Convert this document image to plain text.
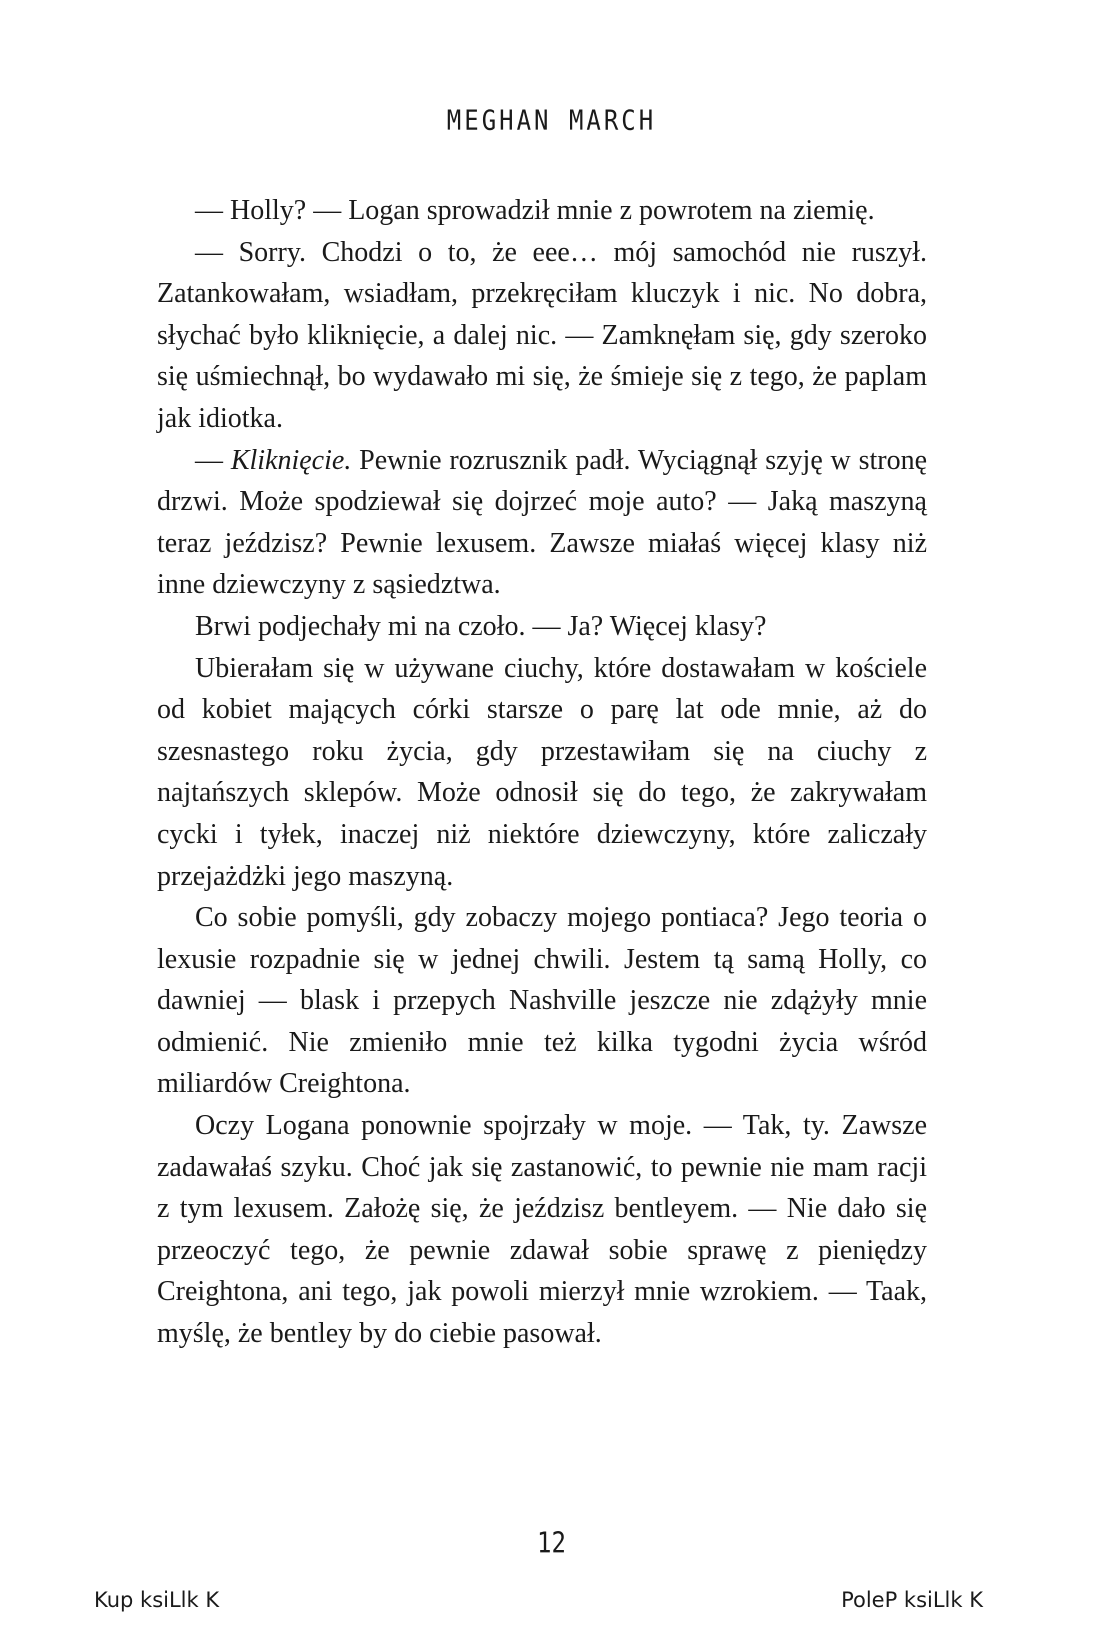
MEGHAN MARCH

— Holly? — Logan sprowadził mnie z powrotem na ziemię.

— Sorry. Chodzi o to, że eee… mój samochód nie ruszył. Zatankowałam, wsiadłam, przekręciłam kluczyk i nic. No dobra, słychać było kliknięcie, a dalej nic. — Zamknęłam się, gdy szeroko się uśmiechnął, bo wydawało mi się, że śmieje się z tego, że paplam jak idiotka.

— Kliknięcie. Pewnie rozrusznik padł. Wyciągnął szyję w stronę drzwi. Może spodziewał się dojrzeć moje auto? — Jaką maszyną teraz jeździsz? Pewnie lexusem. Zawsze miałaś więcej klasy niż inne dziewczyny z sąsiedztwa.

Brwi podjechały mi na czoło. — Ja? Więcej klasy?

Ubierałam się w używane ciuchy, które dostawałam w kościele od kobiet mających córki starsze o parę lat ode mnie, aż do szesnastego roku życia, gdy przestawiłam się na ciuchy z najtańszych sklepów. Może odnosił się do tego, że zakrywałam cycki i tyłek, inaczej niż niektóre dziewczyny, które zaliczały przejażdżki jego maszyną.

Co sobie pomyśli, gdy zobaczy mojego pontiaca? Jego teoria o lexusie rozpadnie się w jednej chwili. Jestem tą samą Holly, co dawniej — blask i przepych Nashville jeszcze nie zdążyły mnie odmienić. Nie zmieniło mnie też kilka tygodni życia wśród miliardów Creightona.

Oczy Logana ponownie spojrzały w moje. — Tak, ty. Zawsze zadawałaś szyku. Choć jak się zastanowić, to pewnie nie mam racji z tym lexusem. Założę się, że jeździsz bentleyem. — Nie dało się przeoczyć tego, że pewnie zdawał sobie sprawę z pieniędzy Creightona, ani tego, jak powoli mierzył mnie wzrokiem. — Taak, myślę, że bentley by do ciebie pasował.

12
Kup ksiLlk K	PoleP ksiLlk K
